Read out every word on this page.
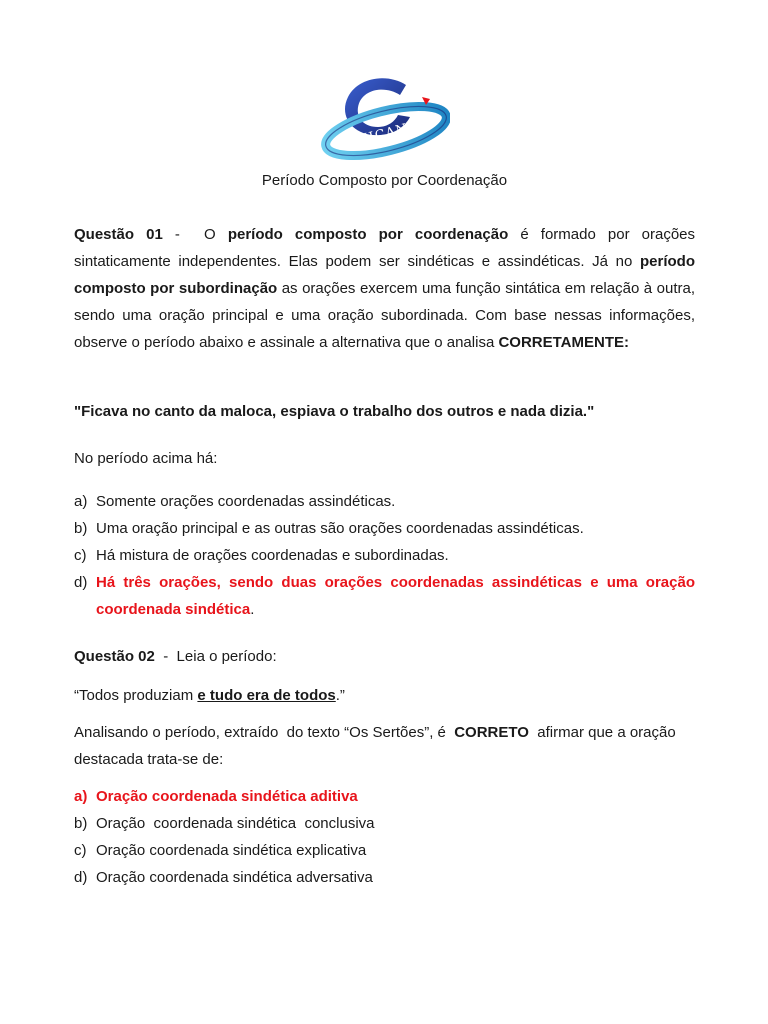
UNICANTO
Período Composto por Coordenação
Questão 01 -  O período composto por coordenação é formado por orações sintaticamente independentes. Elas podem ser sindéticas e assindéticas. Já no período composto por subordinação as orações exercem uma função sintática em relação à outra, sendo uma oração principal e uma oração subordinada. Com base nessas informações, observe o período abaixo e assinale a alternativa que o analisa CORRETAMENTE:
"Ficava no canto da maloca, espiava o trabalho dos outros e nada dizia."
No período acima há:
a) Somente orações coordenadas assindéticas.
b) Uma oração principal e as outras são orações coordenadas assindéticas.
c) Há mistura de orações coordenadas e subordinadas.
d) Há três orações, sendo duas orações coordenadas assindéticas e uma oração coordenada sindética.
Questão 02  -  Leia o período:
“Todos produziam e tudo era de todos.”
Analisando o período, extraído  do texto “Os Sertões”, é  CORRETO  afirmar que a oração destacada trata-se de:
a) Oração coordenada sindética aditiva
b) Oração  coordenada sindética  conclusiva
c) Oração coordenada sindética explicativa
d) Oração coordenada sindética adversativa
